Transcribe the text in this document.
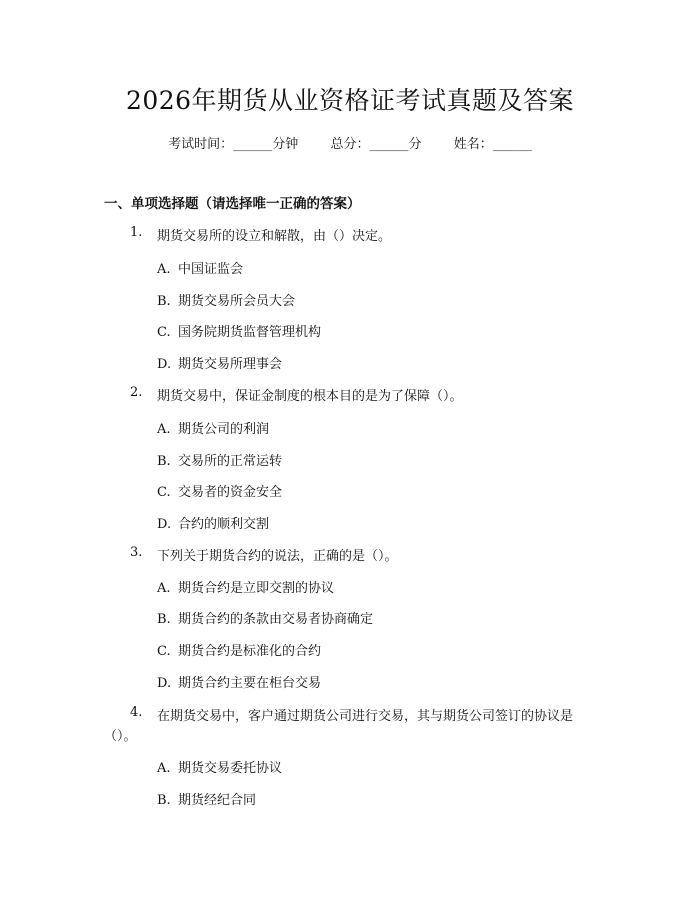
2026年期货从业资格证考试真题及答案
考试时间：______分钟 总分：______分 姓名：______
一、单项选择题（请选择唯一正确的答案）
1. 期货交易所的设立和解散，由（）决定。
A. 中国证监会
B. 期货交易所会员大会
C. 国务院期货监督管理机构
D. 期货交易所理事会
2. 期货交易中，保证金制度的根本目的是为了保障（）。
A. 期货公司的利润
B. 交易所的正常运转
C. 交易者的资金安全
D. 合约的顺利交割
3. 下列关于期货合约的说法，正确的是（）。
A. 期货合约是立即交割的协议
B. 期货合约的条款由交易者协商确定
C. 期货合约是标准化的合约
D. 期货合约主要在柜台交易
4. 在期货交易中，客户通过期货公司进行交易，其与期货公司签订的协议是
（）。
A. 期货交易委托协议
B. 期货经纪合同
